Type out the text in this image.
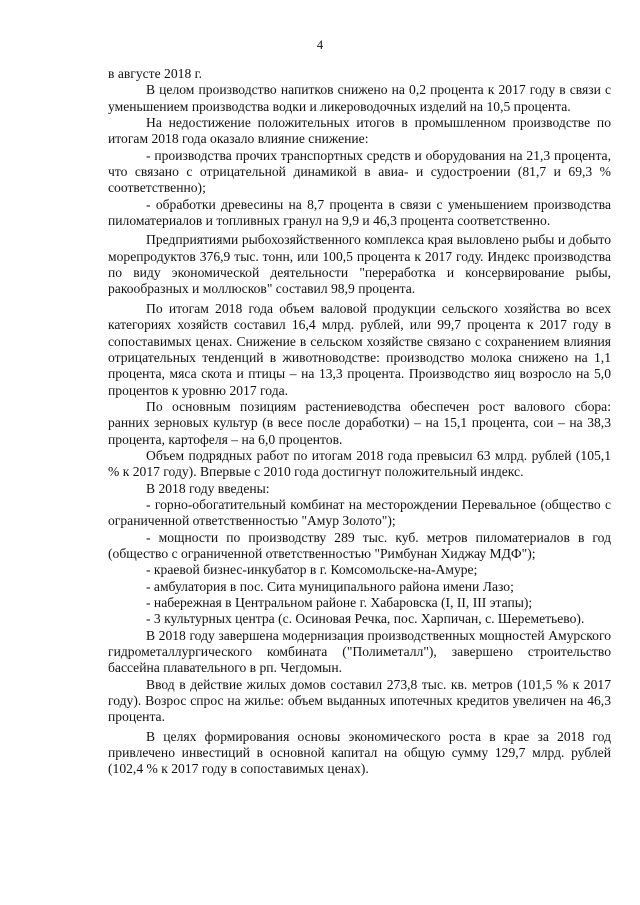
4

в августе 2018 г.

В целом производство напитков снижено на 0,2 процента к 2017 году в связи с уменьшением производства водки и ликероводочных изделий на 10,5 процента.

На недостижение положительных итогов в промышленном производстве по итогам 2018 года оказало влияние снижение:

- производства прочих транспортных средств и оборудования на 21,3 процента, что связано с отрицательной динамикой в авиа- и судостроении (81,7 и 69,3 % соответственно);

- обработки древесины на 8,7 процента в связи с уменьшением производства пиломатериалов и топливных гранул на 9,9 и 46,3 процента соответственно.

Предприятиями рыбохозяйственного комплекса края выловлено рыбы и добыто морепродуктов 376,9 тыс. тонн, или 100,5 процента к 2017 году. Индекс производства по виду экономической деятельности "переработка и консервирование рыбы, ракообразных и моллюсков" составил 98,9 процента.

По итогам 2018 года объем валовой продукции сельского хозяйства во всех категориях хозяйств составил 16,4 млрд. рублей, или 99,7 процента к 2017 году в сопоставимых ценах. Снижение в сельском хозяйстве связано с сохранением влияния отрицательных тенденций в животноводстве: производство молока снижено на 1,1 процента, мяса скота и птицы – на 13,3 процента. Производство яиц возросло на 5,0 процентов к уровню 2017 года.

По основным позициям растениеводства обеспечен рост валового сбора: ранних зерновых культур (в весе после доработки) – на 15,1 процента, сои – на 38,3 процента, картофеля – на 6,0 процентов.

Объем подрядных работ по итогам 2018 года превысил 63 млрд. рублей (105,1 % к 2017 году). Впервые с 2010 года достигнут положительный индекс.

В 2018 году введены:

- горно-обогатительный комбинат на месторождении Перевальное (общество с ограниченной ответственностью "Амур Золото");

- мощности по производству 289 тыс. куб. метров пиломатериалов в год (общество с ограниченной ответственностью "Римбунан Хиджау МДФ");

- краевой бизнес-инкубатор в г. Комсомольске-на-Амуре;

- амбулатория в пос. Сита муниципального района имени Лазо;

- набережная в Центральном районе г. Хабаровска (I, II, III этапы);

- 3 культурных центра (с. Осиновая Речка, пос. Харпичан, с. Шереметьево).

В 2018 году завершена модернизация производственных мощностей Амурского гидрометаллургического комбината ("Полиметалл"), завершено строительство бассейна плавательного в рп. Чегдомын.

Ввод в действие жилых домов составил 273,8 тыс. кв. метров (101,5 % к 2017 году). Возрос спрос на жилье: объем выданных ипотечных кредитов увеличен на 46,3 процента.

В целях формирования основы экономического роста в крае за 2018 год привлечено инвестиций в основной капитал на общую сумму 129,7 млрд. рублей (102,4 % к 2017 году в сопоставимых ценах).
